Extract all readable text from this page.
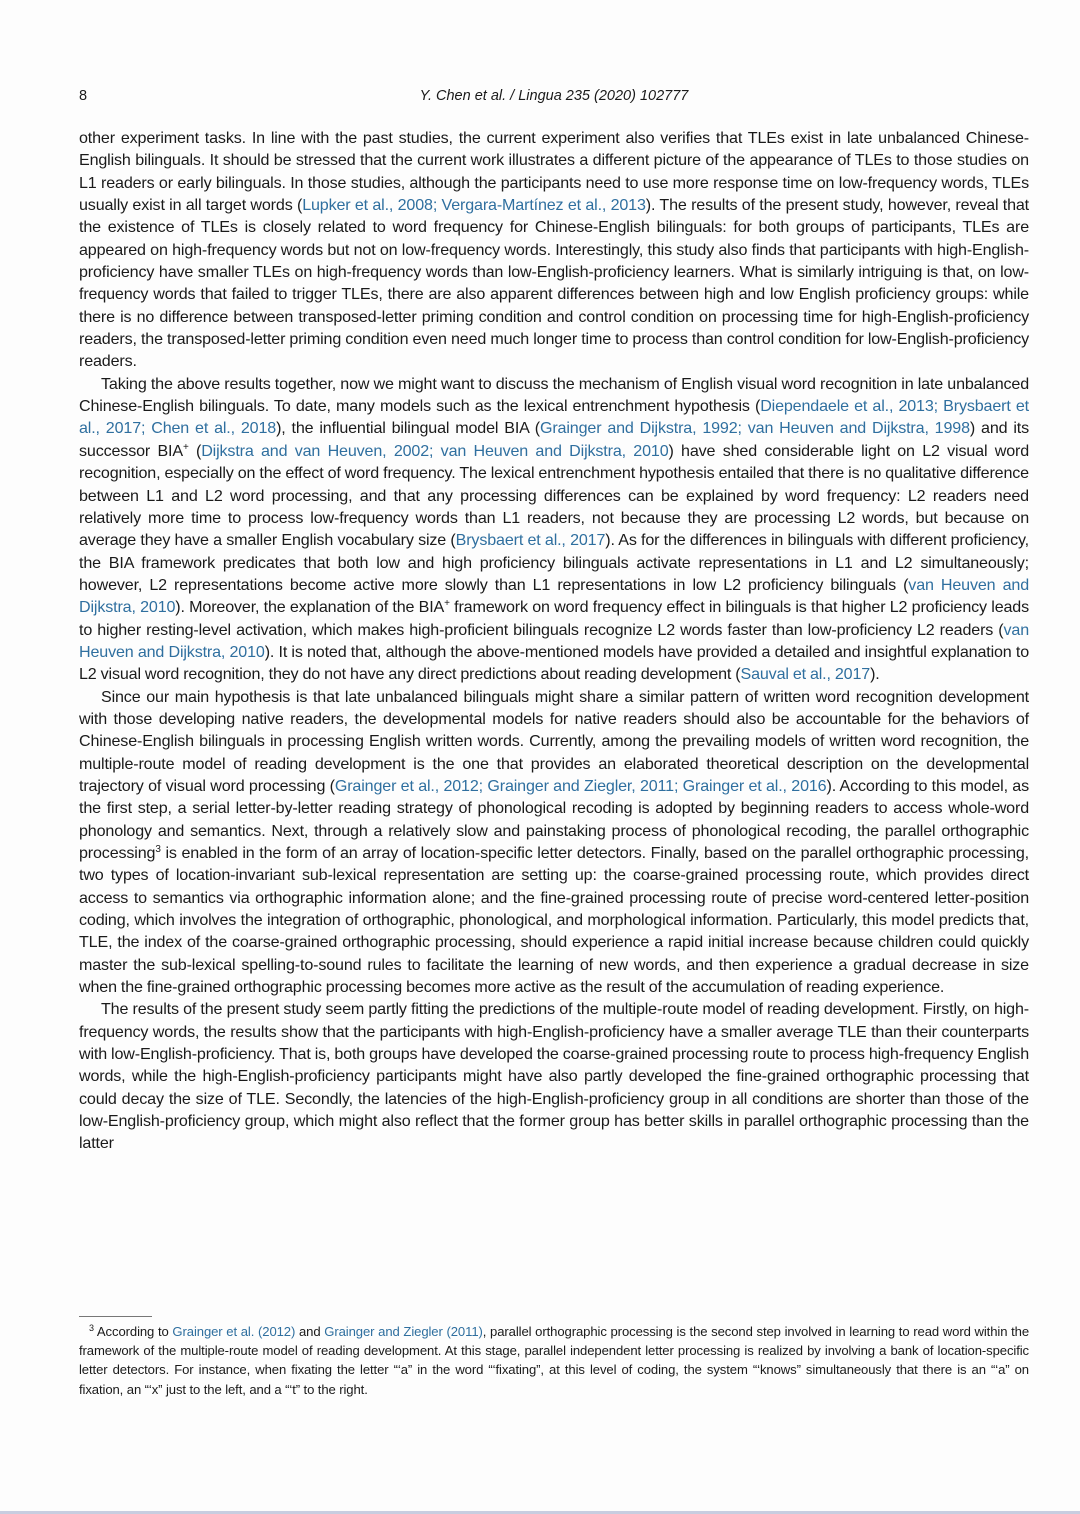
8	Y. Chen et al. / Lingua 235 (2020) 102777

other experiment tasks. In line with the past studies, the current experiment also verifies that TLEs exist in late unbalanced Chinese-English bilinguals. It should be stressed that the current work illustrates a different picture of the appearance of TLEs to those studies on L1 readers or early bilinguals. In those studies, although the participants need to use more response time on low-frequency words, TLEs usually exist in all target words (Lupker et al., 2008; Vergara-Martínez et al., 2013). The results of the present study, however, reveal that the existence of TLEs is closely related to word frequency for Chinese-English bilinguals: for both groups of participants, TLEs are appeared on high-frequency words but not on low-frequency words. Interestingly, this study also finds that participants with high-English-proficiency have smaller TLEs on high-frequency words than low-English-proficiency learners. What is similarly intriguing is that, on low-frequency words that failed to trigger TLEs, there are also apparent differences between high and low English proficiency groups: while there is no difference between transposed-letter priming condition and control condition on processing time for high-English-proficiency readers, the transposed-letter priming condition even need much longer time to process than control condition for low-English-proficiency readers.

Taking the above results together, now we might want to discuss the mechanism of English visual word recognition in late unbalanced Chinese-English bilinguals. To date, many models such as the lexical entrenchment hypothesis (Diependaele et al., 2013; Brysbaert et al., 2017; Chen et al., 2018), the influential bilingual model BIA (Grainger and Dijkstra, 1992; van Heuven and Dijkstra, 1998) and its successor BIA+ (Dijkstra and van Heuven, 2002; van Heuven and Dijkstra, 2010) have shed considerable light on L2 visual word recognition, especially on the effect of word frequency. The lexical entrenchment hypothesis entailed that there is no qualitative difference between L1 and L2 word processing, and that any processing differences can be explained by word frequency: L2 readers need relatively more time to process low-frequency words than L1 readers, not because they are processing L2 words, but because on average they have a smaller English vocabulary size (Brysbaert et al., 2017). As for the differences in bilinguals with different proficiency, the BIA framework predicates that both low and high proficiency bilinguals activate representations in L1 and L2 simultaneously; however, L2 representations become active more slowly than L1 representations in low L2 proficiency bilinguals (van Heuven and Dijkstra, 2010). Moreover, the explanation of the BIA+ framework on word frequency effect in bilinguals is that higher L2 proficiency leads to higher resting-level activation, which makes high-proficient bilinguals recognize L2 words faster than low-proficiency L2 readers (van Heuven and Dijkstra, 2010). It is noted that, although the above-mentioned models have provided a detailed and insightful explanation to L2 visual word recognition, they do not have any direct predictions about reading development (Sauval et al., 2017).

Since our main hypothesis is that late unbalanced bilinguals might share a similar pattern of written word recognition development with those developing native readers, the developmental models for native readers should also be accountable for the behaviors of Chinese-English bilinguals in processing English written words. Currently, among the prevailing models of written word recognition, the multiple-route model of reading development is the one that provides an elaborated theoretical description on the developmental trajectory of visual word processing (Grainger et al., 2012; Grainger and Ziegler, 2011; Grainger et al., 2016). According to this model, as the first step, a serial letter-by-letter reading strategy of phonological recoding is adopted by beginning readers to access whole-word phonology and semantics. Next, through a relatively slow and painstaking process of phonological recoding, the parallel orthographic processing$^3$ is enabled in the form of an array of location-specific letter detectors. Finally, based on the parallel orthographic processing, two types of location-invariant sub-lexical representation are setting up: the coarse-grained processing route, which provides direct access to semantics via orthographic information alone; and the fine-grained processing route of precise word-centered letter-position coding, which involves the integration of orthographic, phonological, and morphological information. Particularly, this model predicts that, TLE, the index of the coarse-grained orthographic processing, should experience a rapid initial increase because children could quickly master the sub-lexical spelling-to-sound rules to facilitate the learning of new words, and then experience a gradual decrease in size when the fine-grained orthographic processing becomes more active as the result of the accumulation of reading experience.

The results of the present study seem partly fitting the predictions of the multiple-route model of reading development. Firstly, on high-frequency words, the results show that the participants with high-English-proficiency have a smaller average TLE than their counterparts with low-English-proficiency. That is, both groups have developed the coarse-grained processing route to process high-frequency English words, while the high-English-proficiency participants might have also partly developed the fine-grained orthographic processing that could decay the size of TLE. Secondly, the latencies of the high-English-proficiency group in all conditions are shorter than those of the low-English-proficiency group, which might also reflect that the former group has better skills in parallel orthographic processing than the latter

$^3$ According to Grainger et al. (2012) and Grainger and Ziegler (2011), parallel orthographic processing is the second step involved in learning to read word within the framework of the multiple-route model of reading development. At this stage, parallel independent letter processing is realized by involving a bank of location-specific letter detectors. For instance, when fixating the letter “‘a” in the word “‘fixating”, at this level of coding, the system “‘knows” simultaneously that there is an “‘a” on fixation, an “‘x” just to the left, and a “‘t” to the right.
